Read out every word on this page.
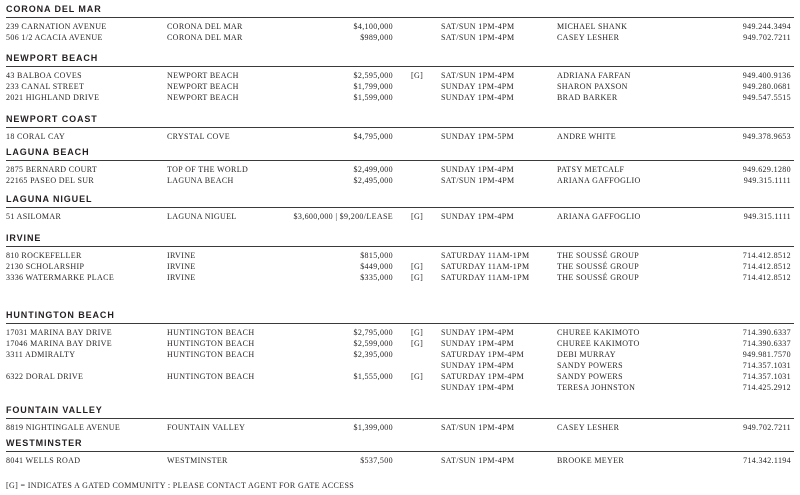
CORONA DEL MAR
239 CARNATION AVENUE	CORONA DEL MAR	$4,100,000	SAT/SUN 1PM-4PM	MICHAEL SHANK	949.244.3494
506 1/2 ACACIA AVENUE	CORONA DEL MAR	$989,000	SAT/SUN 1PM-4PM	CASEY LESHER	949.702.7211
NEWPORT BEACH
43 BALBOA COVES	NEWPORT BEACH	$2,595,000 [G] SAT/SUN 1PM-4PM	ADRIANA FARFAN	949.400.9136
233 CANAL STREET	NEWPORT BEACH	$1,799,000	SUNDAY 1PM-4PM	SHARON PAXSON	949.280.0681
2021 HIGHLAND DRIVE	NEWPORT BEACH	$1,599,000	SUNDAY 1PM-4PM	BRAD BARKER	949.547.5515
NEWPORT COAST
18 CORAL CAY	CRYSTAL COVE	$4,795,000	SUNDAY 1PM-5PM	ANDRE WHITE	949.378.9653
LAGUNA BEACH
2875 BERNARD COURT	TOP OF THE WORLD	$2,499,000	SUNDAY 1PM-4PM	PATSY METCALF	949.629.1280
22165 PASEO DEL SUR	LAGUNA BEACH	$2,495,000	SAT/SUN 1PM-4PM	ARIANA GAFFOGLIO	949.315.1111
LAGUNA NIGUEL
51 ASILOMAR	LAGUNA NIGUEL	$3,600,000 | $9,200/LEASE [G] SUNDAY 1PM-4PM	ARIANA GAFFOGLIO	949.315.1111
IRVINE
810 ROCKEFELLER	IRVINE	$815,000	SATURDAY 11AM-1PM	THE SOUSSÉ GROUP	714.412.8512
2130 SCHOLARSHIP	IRVINE	$449,000 [G] SATURDAY 11AM-1PM	THE SOUSSÉ GROUP	714.412.8512
3336 WATERMARKE PLACE	IRVINE	$335,000 [G] SATURDAY 11AM-1PM	THE SOUSSÉ GROUP	714.412.8512
HUNTINGTON BEACH
17031 MARINA BAY DRIVE	HUNTINGTON BEACH	$2,795,000 [G] SUNDAY 1PM-4PM	CHUREE KAKIMOTO	714.390.6337
17046 MARINA BAY DRIVE	HUNTINGTON BEACH	$2,599,000 [G] SUNDAY 1PM-4PM	CHUREE KAKIMOTO	714.390.6337
3311 ADMIRALTY	HUNTINGTON BEACH	$2,395,000	SATURDAY 1PM-4PM	DEBI MURRAY	949.981.7570
SUNDAY 1PM-4PM	SANDY POWERS	714.357.1031
6322 DORAL DRIVE	HUNTINGTON BEACH	$1,555,000 [G] SATURDAY 1PM-4PM	SANDY POWERS	714.357.1031
SUNDAY 1PM-4PM	TERESA JOHNSTON	714.425.2912
FOUNTAIN VALLEY
8819 NIGHTINGALE AVENUE	FOUNTAIN VALLEY	$1,399,000	SAT/SUN 1PM-4PM	CASEY LESHER	949.702.7211
WESTMINSTER
8041 WELLS ROAD	WESTMINSTER	$537,500	SAT/SUN 1PM-4PM	BROOKE MEYER	714.342.1194
[G] = INDICATES A GATED COMMUNITY : PLEASE CONTACT AGENT FOR GATE ACCESS
